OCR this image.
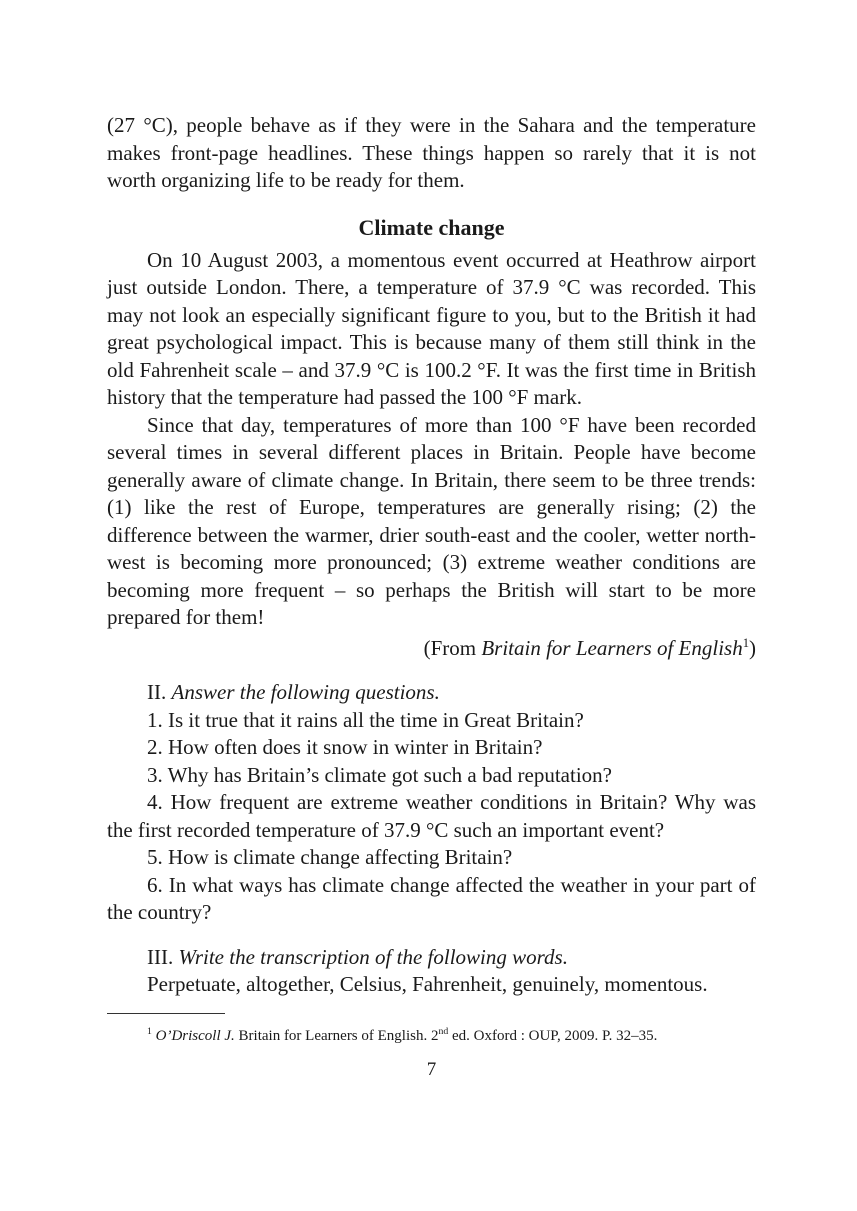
(27 °C), people behave as if they were in the Sahara and the temperature makes front-page headlines. These things happen so rarely that it is not worth organizing life to be ready for them.

Climate change

On 10 August 2003, a momentous event occurred at Heathrow airport just outside London. There, a temperature of 37.9 °C was recorded. This may not look an especially significant figure to you, but to the British it had great psychological impact. This is because many of them still think in the old Fahrenheit scale – and 37.9 °C is 100.2 °F. It was the first time in British history that the temperature had passed the 100 °F mark.

Since that day, temperatures of more than 100 °F have been recorded several times in several different places in Britain. People have become generally aware of climate change. In Britain, there seem to be three trends: (1) like the rest of Europe, temperatures are generally rising; (2) the difference between the warmer, drier south-east and the cooler, wetter north-west is becoming more pronounced; (3) extreme weather conditions are becoming more frequent – so perhaps the British will start to be more prepared for them!

(From Britain for Learners of English$^1$)

II. Answer the following questions.

1. Is it true that it rains all the time in Great Britain?

2. How often does it snow in winter in Britain?

3. Why has Britain’s climate got such a bad reputation?

4. How frequent are extreme weather conditions in Britain? Why was the first recorded temperature of 37.9 °C such an important event?

5. How is climate change affecting Britain?

6. In what ways has climate change affected the weather in your part of the country?

III. Write the transcription of the following words.

Perpetuate, altogether, Celsius, Fahrenheit, genuinely, momentous.

$^1$ O’Driscoll J. Britain for Learners of English. 2nd ed. Oxford : OUP, 2009. P. 32–35.

7
